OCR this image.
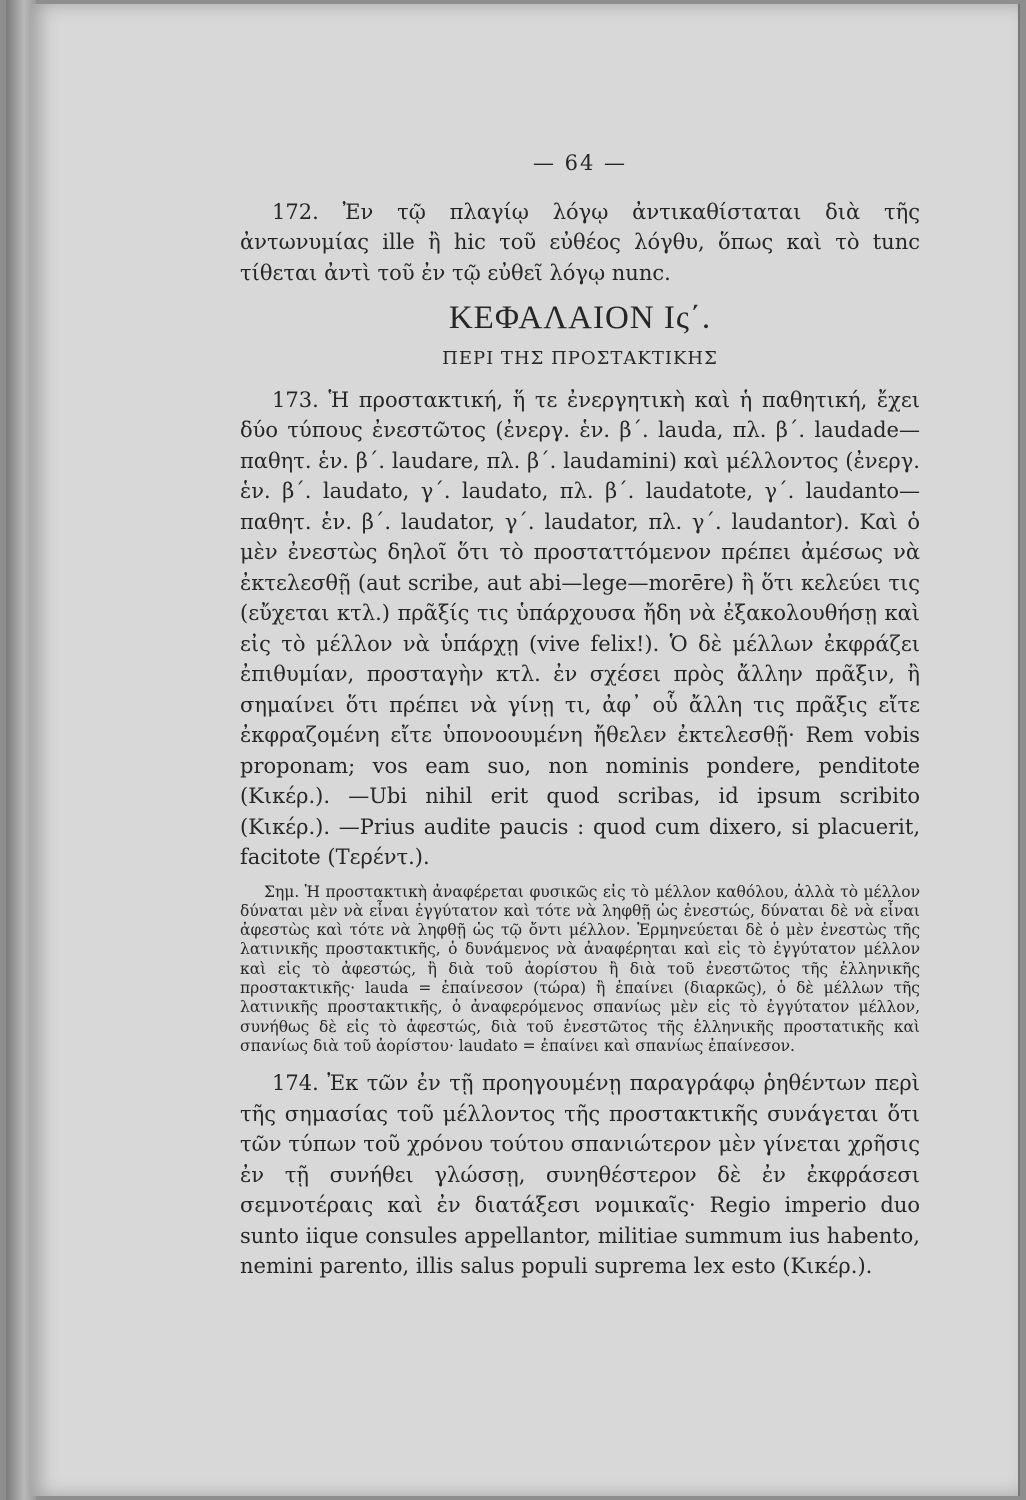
— 64 —

172. Ἐν τῷ πλαγίῳ λόγῳ ἀντικαθίσταται διὰ τῆς ἀντωνυμίας ille ἢ hic τοῦ εὐθέος λόγθυ, ὅπως καὶ τὸ tunc τίθεται ἀντὶ τοῦ ἐν τῷ εὐθεῖ λόγῳ nunc.

ΚΕΦΑΛΑΙΟΝ Ις΄.
ΠΕΡΙ ΤΗΣ ΠΡΟΣΤΑΚΤΙΚΗΣ

173. Ἡ προστακτική, ἥ τε ἐνεργητικὴ καὶ ἡ παθητική, ἔχει δύο τύπους ἐνεστῶτος (ἐνεργ. ἑν. β΄. lauda, πλ. β΄. laudade—παθητ. ἑν. β΄. laudare, πλ. β΄. laudamini) καὶ μέλλοντος (ἐνεργ. ἑν. β΄. laudato, γ΄. laudato, πλ. β΄. laudatote, γ΄. laudanto—παθητ. ἑν. β΄. laudator, γ΄. laudator, πλ. γ΄. laudantor). Καὶ ὁ μὲν ἐνεστὼς δηλοῖ ὅτι τὸ προσταττόμενον πρέπει ἀμέσως νὰ ἐκτελεσθῇ (aut scribe, aut abi—lege—morēre) ἢ ὅτι κελεύει τις (εὔχεται κτλ.) πρᾶξίς τις ὑπάρχουσα ἤδη νὰ ἐξακολουθήσῃ καὶ εἰς τὸ μέλλον νὰ ὑπάρχῃ (vive felix!). Ὁ δὲ μέλλων ἐκφράζει ἐπιθυμίαν, προσταγὴν κτλ. ἐν σχέσει πρὸς ἄλλην πρᾶξιν, ἢ σημαίνει ὅτι πρέπει νὰ γίνῃ τι, ἀφ᾽ οὗ ἄλλη τις πρᾶξις εἴτε ἐκφραζομένη εἴτε ὑπονοουμένη ἤθελεν ἐκτελεσθῇ· Rem vobis proponam; vos eam suo, non nominis pondere, penditote (Κικέρ.). —Ubi nihil erit quod scribas, id ipsum scribito (Κικέρ.). —Prius audite paucis : quod cum dixero, si placuerit, facitote (Τερέντ.).

Σημ. Ἡ προστακτικὴ ἀναφέρεται φυσικῶς εἰς τὸ μέλλον καθόλου, ἀλλὰ τὸ μέλλον δύναται μὲν νὰ εἶναι ἐγγύτατον καὶ τότε νὰ ληφθῇ ὡς ἐνεστώς, δύναται δὲ νὰ εἶναι ἀφεστὼς καὶ τότε νὰ ληφθῇ ὡς τῷ ὄντι μέλλον. Ἑρμηνεύεται δὲ ὁ μὲν ἐνεστὼς τῆς λατινικῆς προστακτικῆς, ὁ δυνάμενος νὰ ἀναφέρηται καὶ εἰς τὸ ἐγγύτατον μέλλον καὶ εἰς τὸ ἀφεστώς, ἢ διὰ τοῦ ἀορίστου ἢ διὰ τοῦ ἐνεστῶτος τῆς ἑλληνικῆς προστακτικῆς· lauda = ἐπαίνεσον (τώρα) ἢ ἐπαίνει (διαρκῶς), ὁ δὲ μέλλων τῆς λατινικῆς προστακτικῆς, ὁ ἀναφερόμενος σπανίως μὲν εἰς τὸ ἐγγύτατον μέλλον, συνήθως δὲ εἰς τὸ ἀφεστώς, διὰ τοῦ ἐνεστῶτος τῆς ἑλληνικῆς προστατικῆς καὶ σπανίως διὰ τοῦ ἀορίστου· laudato = ἐπαίνει καὶ σπανίως ἐπαίνεσον.

174. Ἐκ τῶν ἐν τῇ προηγουμένῃ παραγράφῳ ῥηθέντων περὶ τῆς σημασίας τοῦ μέλλοντος τῆς προστακτικῆς συνάγεται ὅτι τῶν τύπων τοῦ χρόνου τούτου σπανιώτερον μὲν γίνεται χρῆσις ἐν τῇ συνήθει γλώσσῃ, συνηθέστερον δὲ ἐν ἐκφράσεσι σεμνοτέραις καὶ ἐν διατάξεσι νομικαῖς· Regio imperio duo sunto iique consules appellantor, militiae summum ius habento, nemini parento, illis salus populi suprema lex esto (Κικέρ.).
